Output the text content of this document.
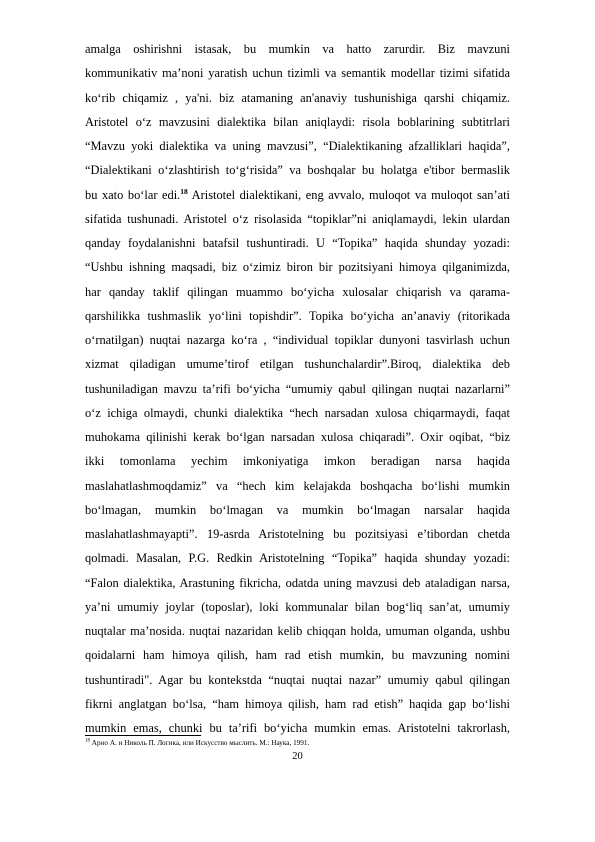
amalga oshirishni istasak, bu mumkin va hatto zarurdir. Biz mavzuni
kommunikativ ma’noni yaratish uchun tizimli va semantik modellar tizimi sifatida
ko‘rib chiqamiz , ya'ni. biz atamaning an'anaviy tushunishiga qarshi chiqamiz.
Aristotel o‘z mavzusini dialektika bilan aniqlaydi: risola boblarining subtitrlari
“Mavzu yoki dialektika va uning mavzusi”, “Dialektikaning afzalliklari haqida”,
“Dialektikani o‘zlashtirish to‘g‘risida” va boshqalar bu holatga e'tibor bermaslik
bu xato bo‘lar edi.$^{18}$ Aristotel dialektikani, eng avvalo, muloqot va muloqot san’ati
sifatida tushunadi. Aristotel o‘z risolasida “topiklar”ni aniqlamaydi, lekin ulardan
qanday foydalanishni batafsil tushuntiradi. U “Topika” haqida shunday yozadi:
“Ushbu ishning maqsadi, biz o‘zimiz biron bir pozitsiyani himoya qilganimizda,
har qanday taklif qilingan muammo bo‘yicha xulosalar chiqarish va qarama-
qarshilikka tushmaslik yo‘lini topishdir”. Topika bo‘yicha an’anaviy (ritorikada
o‘rnatilgan) nuqtai nazarga ko‘ra , “individual topiklar dunyoni tasvirlash uchun
xizmat qiladigan umume’tirof etilgan tushunchalardir”.Biroq, dialektika deb
tushuniladigan mavzu ta’rifi bo‘yicha “umumiy qabul qilingan nuqtai nazarlarni”
o‘z ichiga olmaydi, chunki dialektika “hech narsadan xulosa chiqarmaydi, faqat
muhokama qilinishi kerak bo‘lgan narsadan xulosa chiqaradi”. Oxir oqibat, “biz
ikki tomonlama yechim imkoniyatiga imkon beradigan narsa haqida
maslahatlashmoqdamiz” va “hech kim kelajakda boshqacha bo‘lishi mumkin
bo‘lmagan, mumkin bo‘lmagan va mumkin bo‘lmagan narsalar haqida
maslahatlashmayapti”. 19-asrda Aristotelning bu pozitsiyasi e’tibordan chetda
qolmadi. Masalan, P.G. Redkin Aristotelning “Topika” haqida shunday yozadi:
“Falon dialektika, Arastuning fikricha, odatda uning mavzusi deb ataladigan narsa,
ya’ni umumiy joylar (toposlar), loki kommunalar bilan bog‘liq san’at, umumiy
nuqtalar ma’nosida. nuqtai nazaridan kelib chiqqan holda, umuman olganda, ushbu
qoidalarni ham himoya qilish, ham rad etish mumkin, bu mavzuning nomini
tushuntiradi". Agar bu kontekstda “nuqtai nuqtai nazar” umumiy qabul qilingan
fikrni anglatgan bo‘lsa, “ham himoya qilish, ham rad etish” haqida gap bo‘lishi
mumkin emas, chunki bu ta’rifi bo‘yicha mumkin emas. Aristotelni takrorlash,
$^{18}$ Арно А. и Николь П. Логика, или Искусство мыслить. М.: Наука, 1991.
20
